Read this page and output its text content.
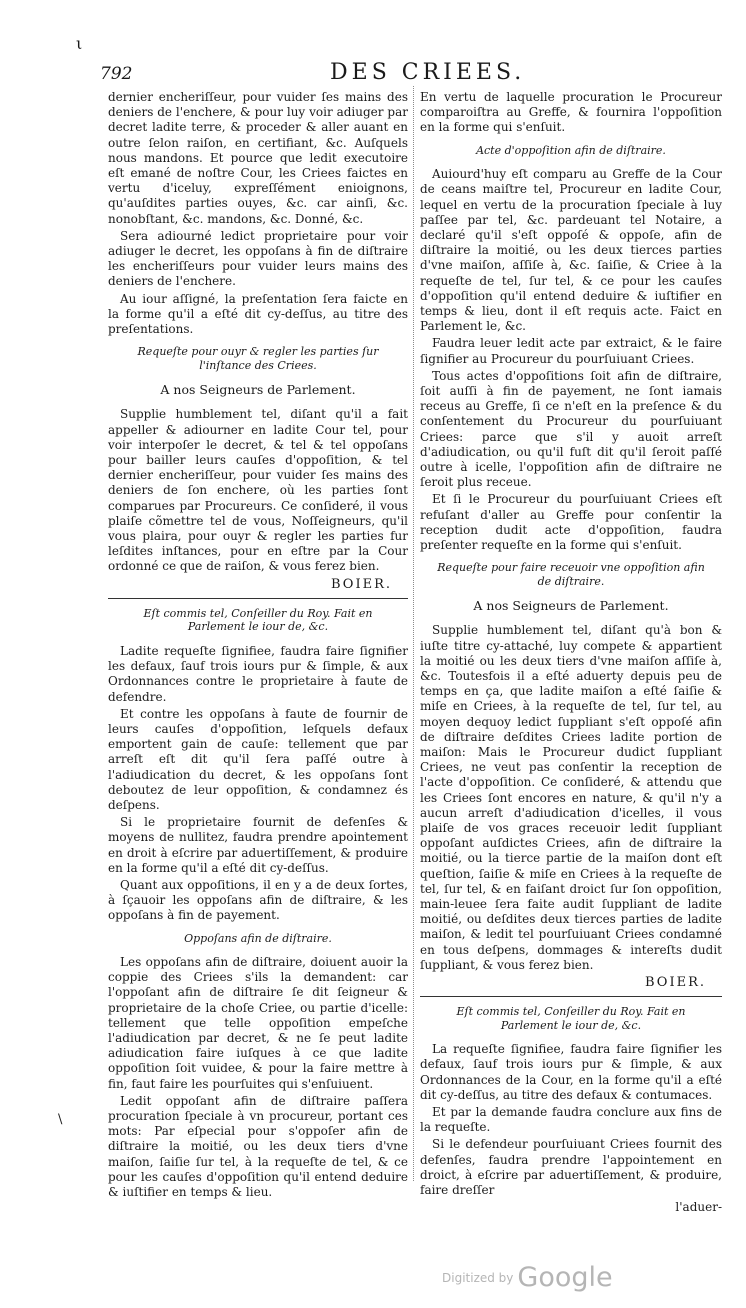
ι
\
792	DES CRIEES.

dernier encheriſſeur, pour vuider ſes mains des deniers de l'enchere, & pour luy voir adiuger par decret ladite terre, & proceder & aller auant en outre ſelon raiſon, en certifiant, &c. Auſquels nous mandons. Et pource que ledit executoire eſt emané de noſtre Cour, les Criees faictes en vertu d'iceluy, expreſſément enioignons, qu'auſdites parties ouyes, &c. car ainſi, &c. nonobſtant, &c. mandons, &c. Donné, &c.

Sera adiourné ledict proprietaire pour voir adiuger le decret, les oppoſans à fin de diſtraire les encheriſſeurs pour vuider leurs mains des deniers de l'enchere.

Au iour aſſigné, la preſentation ſera faicte en la forme qu'il a eſté dit cy-deſſus, au titre des preſentations.

Requeſte pour ouyr & regler les parties ſur l'inſtance des Criees.

A nos Seigneurs de Parlement.

Supplie humblement tel, diſant qu'il a fait appeller & adiourner en ladite Cour tel, pour voir interpoſer le decret, & tel & tel oppoſans pour bailler leurs cauſes d'oppoſition, & tel dernier encheriſſeur, pour vuider ſes mains des deniers de ſon enchere, où les parties ſont comparues par Procureurs. Ce conſideré, il vous plaiſe cõmettre tel de vous, Noſſeigneurs, qu'il vous plaira, pour ouyr & regler les parties fur leſdites inſtances, pour en eſtre par la Cour ordonné ce que de raiſon, & vous ferez bien.

BOIER.

Eſt commis tel, Conſeiller du Roy. Fait en Parlement le iour de, &c.

Ladite requeſte ſignifiee, faudra faire ſignifier les defaux, ſauf trois iours pur & ſimple, & aux Ordonnances contre le proprietaire à faute de defendre.

Et contre les oppoſans à faute de fournir de leurs cauſes d'oppoſition, leſquels defaux emportent gain de cauſe: tellement que par arreſt eſt dit qu'il ſera paſſé outre à l'adiudication du decret, & les oppoſans ſont deboutez de leur oppoſition, & condamnez és deſpens.

Si le proprietaire fournit de defenſes & moyens de nullitez, faudra prendre apointement en droit à eſcrire par aduertiſſement, & produire en la forme qu'il a eſté dit cy-deſſus.

Quant aux oppoſitions, il en y a de deux ſortes, à ſçauoir les oppoſans afin de diſtraire, & les oppoſans à fin de payement.

Oppoſans afin de diſtraire.

Les oppoſans afin de diſtraire, doiuent auoir la coppie des Criees s'ils la demandent: car l'oppoſant afin de diſtraire ſe dit ſeigneur & proprietaire de la choſe Criee, ou partie d'icelle: tellement que telle oppoſition empeſche l'adiudication par decret, & ne ſe peut ladite adiudication faire iuſques à ce que ladite oppoſition ſoit vuidee, & pour la faire mettre à fin, faut faire les pourſuites qui s'enſuiuent.

Ledit oppoſant afin de diſtraire paſſera procuration ſpeciale à vn procureur, portant ces mots: Par eſpecial pour s'oppoſer afin de diſtraire la moitié, ou les deux tiers d'vne maiſon, ſaiſie ſur tel, à la requeſte de tel, & ce pour les cauſes d'oppoſition qu'il entend deduire & iuſtifier en temps & lieu.

En vertu de laquelle procuration le Procureur comparoiſtra au Greffe, & fournira l'oppoſition en la forme qui s'enſuit.

Acte d'oppoſition afin de diſtraire.

Auiourd'huy eſt comparu au Greffe de la Cour de ceans maiſtre tel, Procureur en ladite Cour, lequel en vertu de la procuration ſpeciale à luy paſſee par tel, &c. pardeuant tel Notaire, a declaré qu'il s'eſt oppoſé & oppoſe, afin de diſtraire la moitié, ou les deux tierces parties d'vne maiſon, aſſiſe à, &c. ſaiſie, & Criee à la requeſte de tel, ſur tel, & ce pour les cauſes d'oppoſition qu'il entend deduire & iuſtifier en temps & lieu, dont il eſt requis acte. Faict en Parlement le, &c.

Faudra leuer ledit acte par extraict, & le faire ſignifier au Procureur du pourſuiuant Criees.

Tous actes d'oppoſitions ſoit afin de diſtraire, ſoit auſſi à fin de payement, ne ſont iamais receus au Greffe, ſi ce n'eſt en la preſence & du conſentement du Procureur du pourſuiuant Criees: parce que s'il y auoit arreſt d'adiudication, ou qu'il fuſt dit qu'il ſeroit paſſé outre à icelle, l'oppoſition afin de diſtraire ne ſeroit plus receue.

Et ſi le Procureur du pourſuiuant Criees eſt refuſant d'aller au Greffe pour conſentir la reception dudit acte d'oppoſition, faudra preſenter requeſte en la forme qui s'enſuit.

Requeſte pour faire receuoir vne oppoſition afin de diſtraire.

A nos Seigneurs de Parlement.

Supplie humblement tel, diſant qu'à bon & iuſte titre cy-attaché, luy compete & appartient la moitié ou les deux tiers d'vne maiſon aſſiſe à, &c. Toutesfois il a eſté aduerty depuis peu de temps en ça, que ladite maiſon a eſté ſaiſie & miſe en Criees, à la requeſte de tel, ſur tel, au moyen dequoy ledict ſuppliant s'eſt oppoſé afin de diſtraire deſdites Criees ladite portion de maiſon: Mais le Procureur dudict ſuppliant Criees, ne veut pas conſentir la reception de l'acte d'oppoſition. Ce conſideré, & attendu que les Criees ſont encores en nature, & qu'il n'y a aucun arreſt d'adiudication d'icelles, il vous plaiſe de vos graces receuoir ledit ſuppliant oppoſant auſdictes Criees, afin de diſtraire la moitié, ou la tierce partie de la maiſon dont eſt queſtion, ſaiſie & miſe en Criees à la requeſte de tel, ſur tel, & en faiſant droict ſur ſon oppoſition, main-leuee ſera faite audit ſuppliant de ladite moitié, ou deſdites deux tierces parties de ladite maiſon, & ledit tel pourſuiuant Criees condamné en tous deſpens, dommages & intereſts dudit ſuppliant, & vous ferez bien.

BOIER.

Eſt commis tel, Conſeiller du Roy. Fait en Parlement le iour de, &c.

La requeſte ſignifiee, faudra faire ſignifier les defaux, ſauf trois iours pur & ſimple, & aux Ordonnances de la Cour, en la forme qu'il a eſté dit cy-deſſus, au titre des defaux & contumaces.

Et par la demande faudra conclure aux fins de la requeſte.

Si le defendeur pourſuiuant Criees fournit des defenſes, faudra prendre l'appointement en droict, à eſcrire par aduertiſſement, & produire, faire dreſſer

l'aduer-

$^{Digitized by}$ Google
